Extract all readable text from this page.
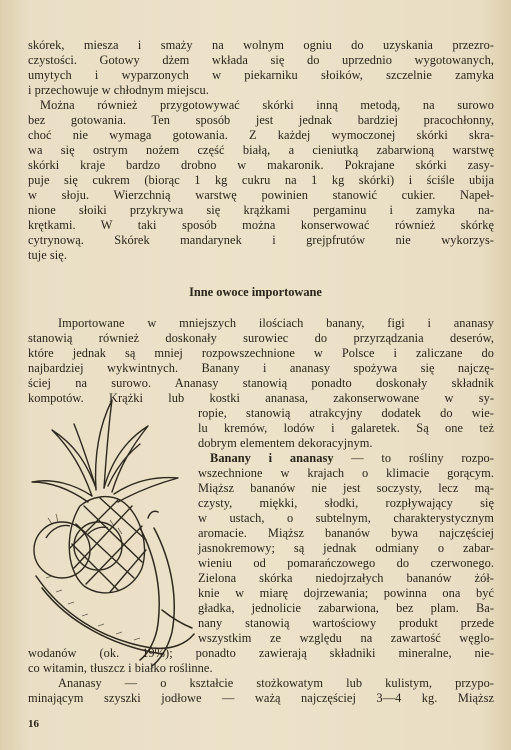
skórek, miesza i smaży na wolnym ogniu do uzyskania przezro-
czystości. Gotowy dżem wkłada się do uprzednio wygotowanych,
umytych i wyparzonych w piekarniku słoików, szczelnie zamyka
i przechowuje w chłodnym miejscu.
Można również przygotowywać skórki inną metodą, na surowo
bez gotowania. Ten sposób jest jednak bardziej pracochłonny,
choć nie wymaga gotowania. Z każdej wymoczonej skórki skra-
wa się ostrym nożem część białą, a cieniutką zabarwioną warstwę
skórki kraje bardzo drobno w makaronik. Pokrajane skórki zasy-
puje się cukrem (biorąc 1 kg cukru na 1 kg skórki) i ściśle ubija
w słoju. Wierzchnią warstwę powinien stanowić cukier. Napeł-
nione słoiki przykrywa się krążkami pergaminu i zamyka na-
krętkami. W taki sposób można konserwować również skórkę
cytrynową. Skórek mandarynek i grejpfrutów nie wykorzys-
tuje się.
Inne owoce importowane
Importowane w mniejszych ilościach banany, figi i ananasy
stanowią również doskonały surowiec do przyrządzania deserów,
które jednak są mniej rozpowszechnione w Polsce i zaliczane do
najbardziej wykwintnych. Banany i ananasy spożywa się najczę-
ściej na surowo. Ananasy stanowią ponadto doskonały składnik
kompotów. Krążki lub kostki ananasa, zakonserwowane w sy-
ropie, stanowią atrakcyjny dodatek do wie-
lu kremów, lodów i galaretek. Są one też
dobrym elementem dekoracyjnym.
Banany i ananasy — to rośliny rozpo-
wszechnione w krajach o klimacie gorącym.
Miąższ bananów nie jest soczysty, lecz mą-
czysty, miękki, słodki, rozpływający się
w ustach, o subtelnym, charakterystycznym
aromacie. Miąższ bananów bywa najczęściej
jasnokremowy; są jednak odmiany o zabar-
wieniu od pomarańczowego do czerwonego.
Zielona skórka niedojrzałych bananów żół-
knie w miarę dojrzewania; powinna ona być
gładka, jednolicie zabarwiona, bez plam. Ba-
nany stanowią wartościowy produkt przede
wszystkim ze względu na zawartość węglo-
wodanów (ok. 19%); ponadto zawierają składniki mineralne, nie-
co witamin, tłuszcz i białko roślinne.
Ananasy — o kształcie stożkowatym lub kulistym, przypo-
minającym szyszki jodłowe — ważą najczęściej 3—4 kg. Miąższ
16
